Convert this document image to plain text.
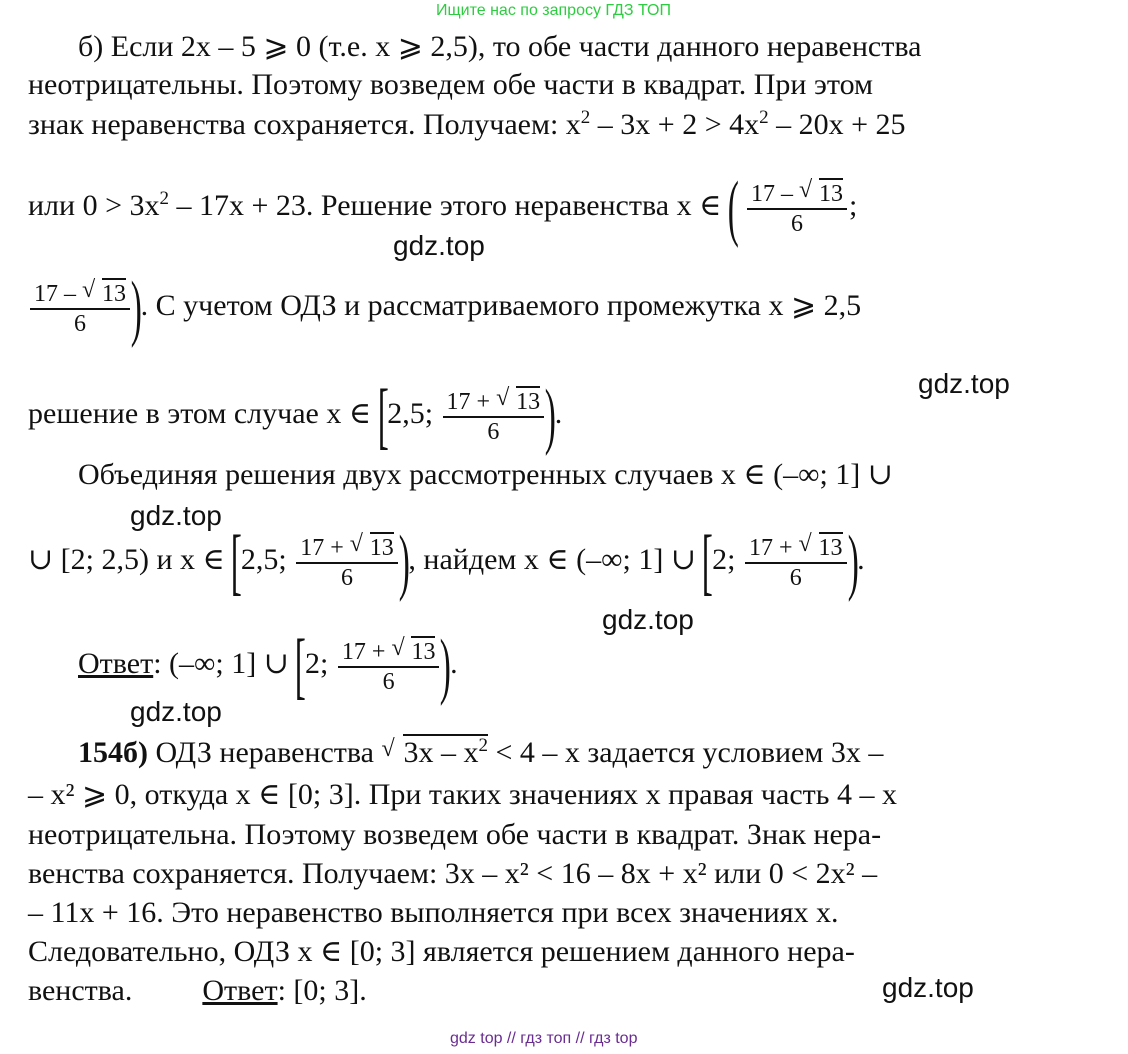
Ищите нас по запросу ГДЗ ТОП
б) Если 2x – 5 ⩾ 0 (т.е. x ⩾ 2,5), то обе части данного неравенства
неотрицательны. Поэтому возведем обе части в квадрат. При этом
знак неравенства сохраняется. Получаем: $x^2 - 3x + 2 > 4x^2 - 20x + 25$
или $0 > 3x^2 - 17x + 23$. Решение этого неравенства x ∈ ( $\frac{17 - √ 13}{6}$ ;
gdz.top
$\frac{17 - √ 13}{6}$ ). С учетом ОДЗ и рассматриваемого промежутка x ⩾ 2,5
gdz.top
решение в этом случае x ∈ [2,5; $\frac{17 + √ 13}{6}$ ).
Объединяя решения двух рассмотренных случаев x ∈ (–∞; 1] ∪
gdz.top
∪ [2; 2,5) и x ∈ [2,5; $\frac{17 + √ 13}{6}$ ), найдем x ∈ (–∞; 1] ∪ [2; $\frac{17 + √ 13}{6}$ ).
gdz.top
Ответ: (–∞; 1] ∪ [2; $\frac{17 + √ 13}{6}$ ).
gdz.top
154б) ОДЗ неравенства √ $3x - x^2 < 4 - x$ задается условием 3x –
– x² ⩾ 0, откуда x ∈ [0; 3]. При таких значениях x правая часть 4 – x
неотрицательна. Поэтому возведем обе части в квадрат. Знак нера-
венства сохраняется. Получаем: 3x – x² < 16 – 8x + x² или 0 < 2x² –
– 11x + 16. Это неравенство выполняется при всех значениях x.
Следовательно, ОДЗ x ∈ [0; 3] является решением данного нера-
венства. Ответ: [0; 3].	gdz.top
gdz top // гдз топ // гдз top
